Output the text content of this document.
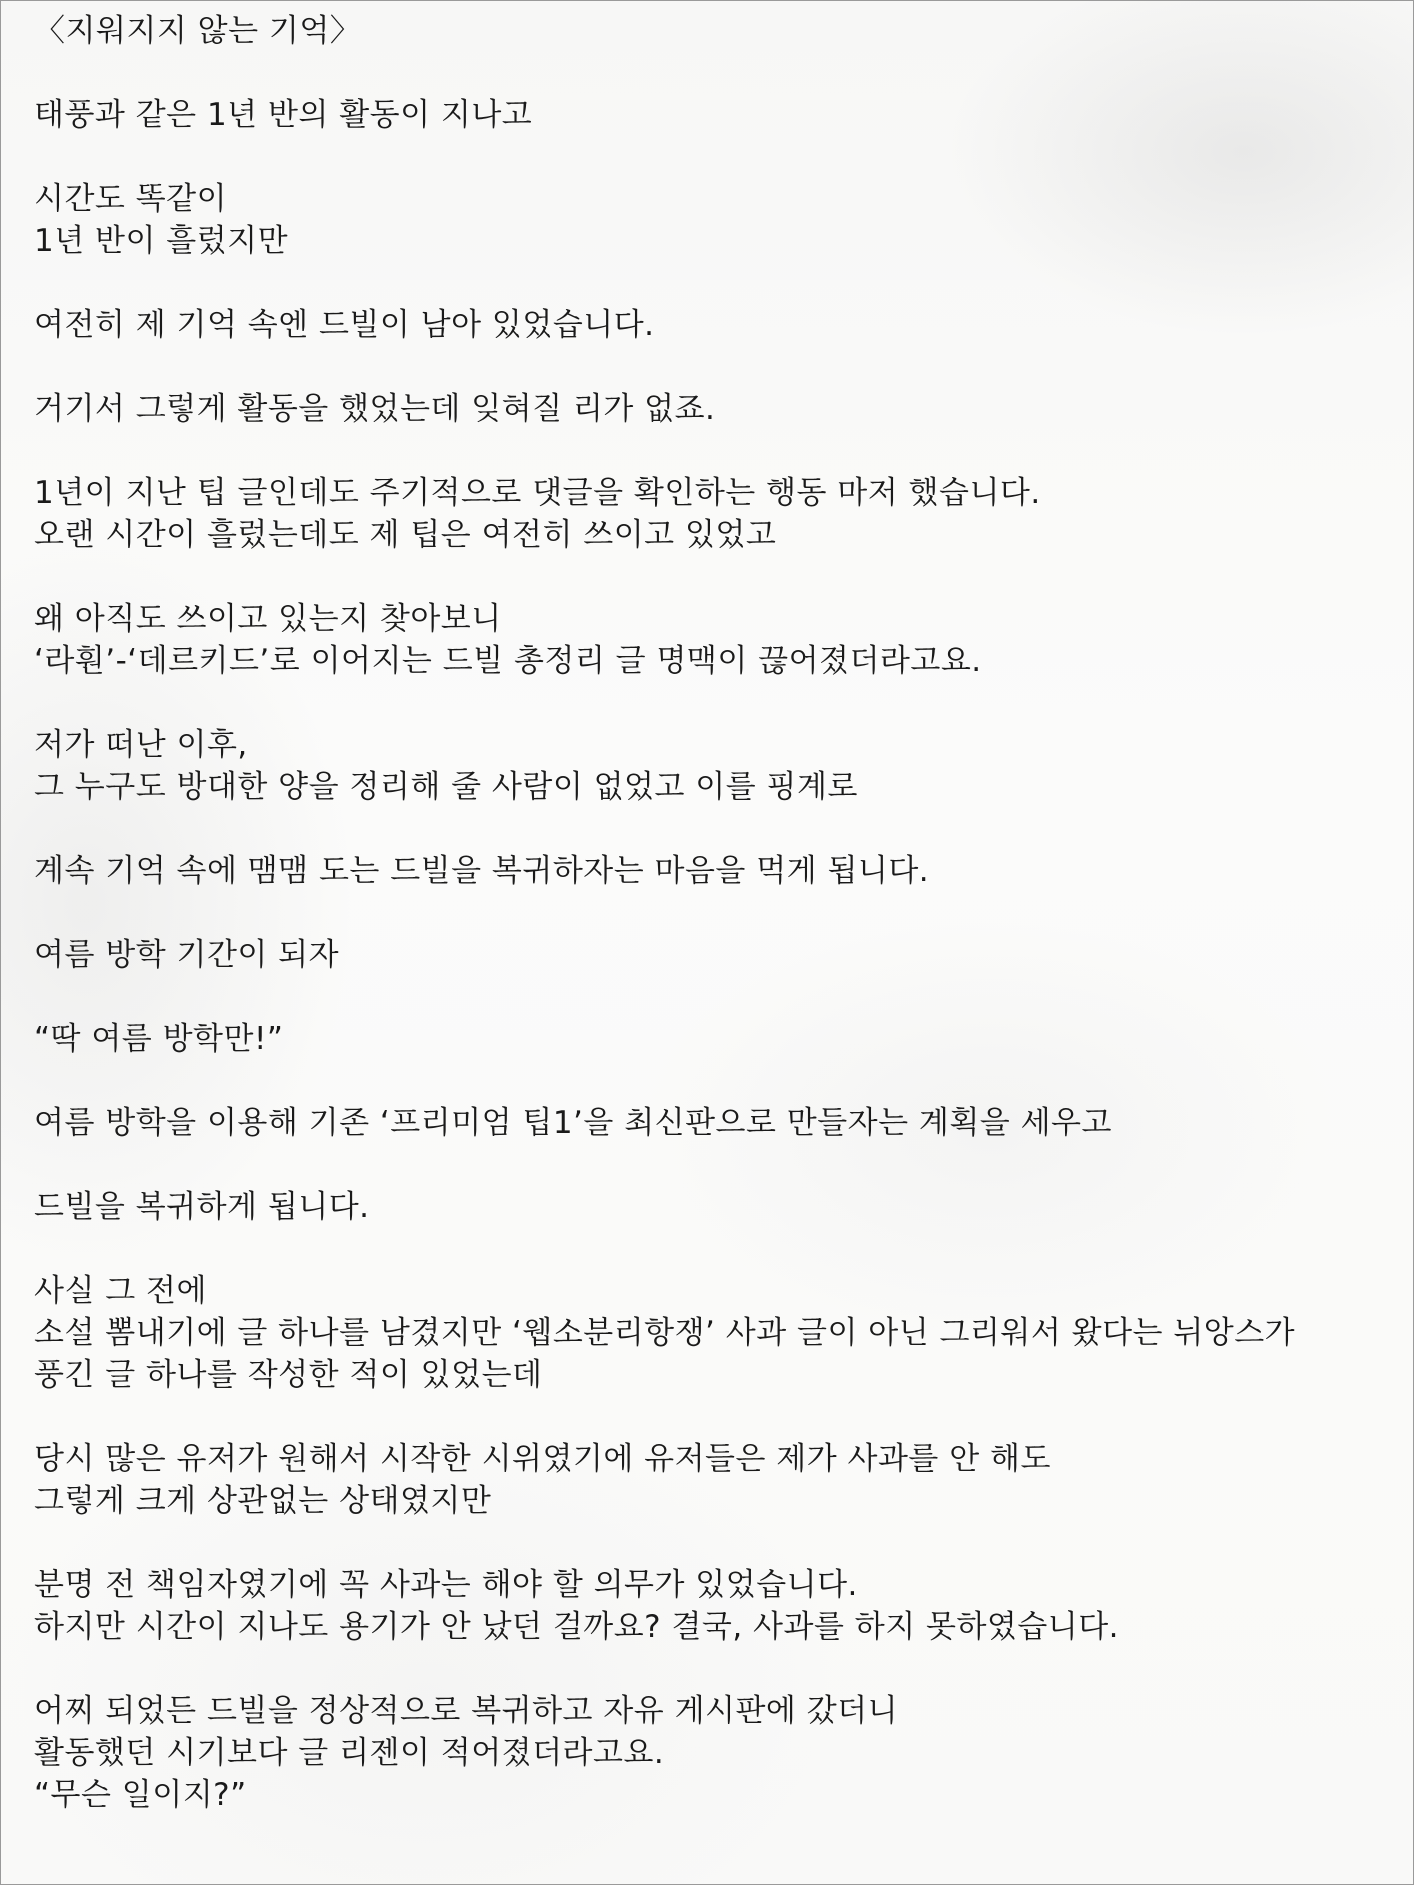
〈지워지지 않는 기억〉
태풍과 같은 1년 반의 활동이 지나고
시간도 똑같이
1년 반이 흘렀지만
여전히 제 기억 속엔 드빌이 남아 있었습니다.
거기서 그렇게 활동을 했었는데 잊혀질 리가 없죠.
1년이 지난 팁 글인데도 주기적으로 댓글을 확인하는 행동 마저 했습니다.
오랜 시간이 흘렀는데도 제 팁은 여전히 쓰이고 있었고
왜 아직도 쓰이고 있는지 찾아보니
‘라훤’-‘데르키드’로 이어지는 드빌 총정리 글 명맥이 끊어졌더라고요.
저가 떠난 이후,
그 누구도 방대한 양을 정리해 줄 사람이 없었고 이를 핑계로
계속 기억 속에 맴맴 도는 드빌을 복귀하자는 마음을 먹게 됩니다.
여름 방학 기간이 되자
“딱 여름 방학만!”
여름 방학을 이용해 기존 ‘프리미엄 팁1’을 최신판으로 만들자는 계획을 세우고
드빌을 복귀하게 됩니다.
사실 그 전에
소설 뽐내기에 글 하나를 남겼지만 ‘웹소분리항쟁’ 사과 글이 아닌 그리워서 왔다는 뉘앙스가
풍긴 글 하나를 작성한 적이 있었는데
당시 많은 유저가 원해서 시작한 시위였기에 유저들은 제가 사과를 안 해도
그렇게 크게 상관없는 상태였지만
분명 전 책임자였기에 꼭 사과는 해야 할 의무가 있었습니다.
하지만 시간이 지나도 용기가 안 났던 걸까요? 결국, 사과를 하지 못하였습니다.
어찌 되었든 드빌을 정상적으로 복귀하고 자유 게시판에 갔더니
활동했던 시기보다 글 리젠이 적어졌더라고요.
“무슨 일이지?”
